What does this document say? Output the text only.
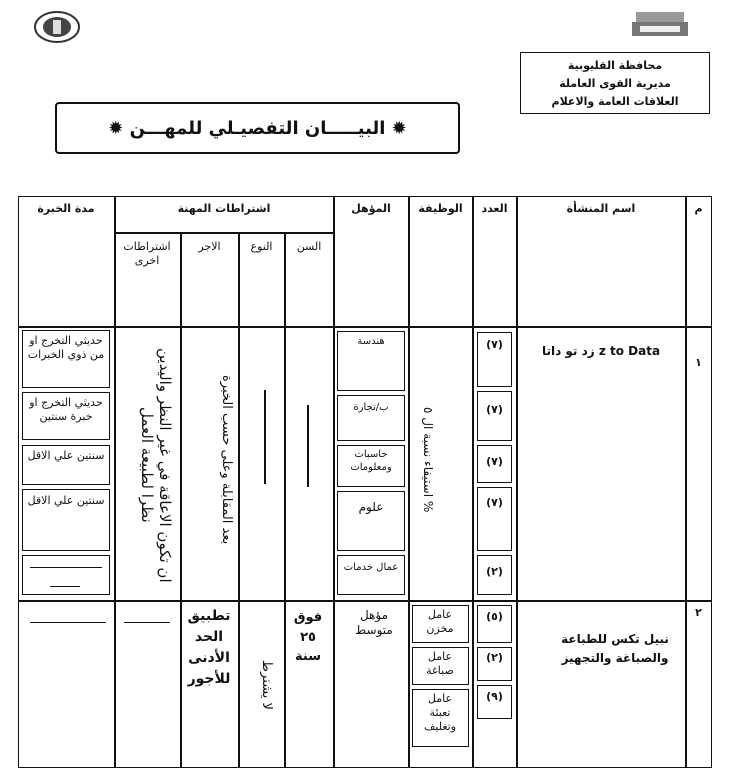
محافظة القليوبية
مديرية القوى العاملة
العلاقات العامة والاعلام
✹ البيـــــان التفصيـلي للمهـــن ✹
م
اسم المنشأة
العدد
الوظيفة
المؤهل
اشتراطات المهنة
مدة الخبرة
السن
النوع
الاجر
اشتراطات اخرى
١
زد تو داتا z to Data
(٧)
(٧)
(٧)
(٧)
(٢)
استيفاء نسبة ال ٥ %
هندسة
ب/تجارة
حاسبات ومعلومات
علوم
عمال خدمات
بعد المقابلة وعلى حسب الخبرة
ان تكون الاعاقة في غير النظر واليدين نظرا لطبيعة العمل
حديثي التخرج او من ذوي الخبرات
حديثي التخرج او خبرة سنتين
سنتين علي الاقل
سنتين علي الاقل
٢
نبيل تكس للطباعة والصباغة والتجهيز
(٥)
(٢)
(٩)
عامل مخزن
عامل صباغة
عامل تعبئة وتغليف
مؤهل متوسط
فوق ٢٥ سنة
لا يشترط
تطبيق الحد الأدنى للأجور
